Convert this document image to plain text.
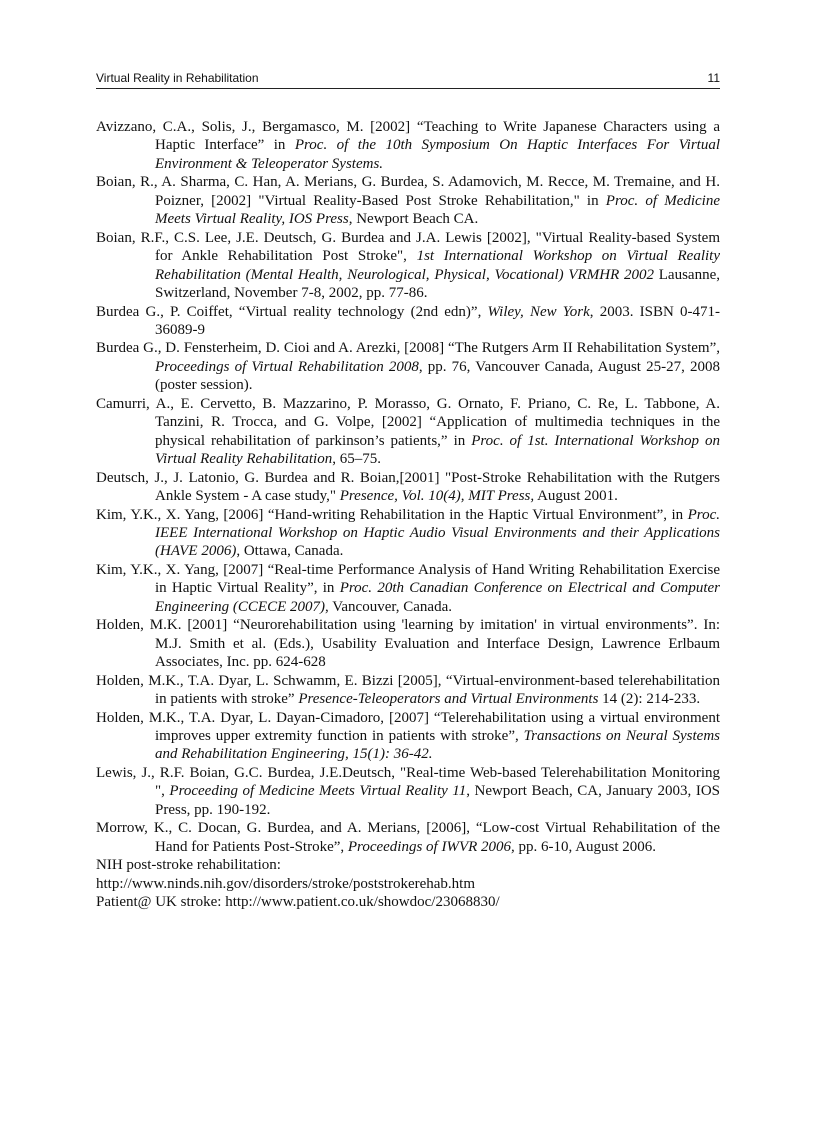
Virtual Reality in Rehabilitation	11

Avizzano, C.A., Solis, J., Bergamasco, M. [2002] “Teaching to Write Japanese Characters using a Haptic Interface” in Proc. of the 10th Symposium On Haptic Interfaces For Virtual Environment & Teleoperator Systems.

Boian, R., A. Sharma, C. Han, A. Merians, G. Burdea, S. Adamovich, M. Recce, M. Tremaine, and H. Poizner, [2002] "Virtual Reality-Based Post Stroke Rehabilitation," in Proc. of Medicine Meets Virtual Reality, IOS Press, Newport Beach CA.

Boian, R.F., C.S. Lee, J.E. Deutsch, G. Burdea and J.A. Lewis [2002], "Virtual Reality-based System for Ankle Rehabilitation Post Stroke", 1st International Workshop on Virtual Reality Rehabilitation (Mental Health, Neurological, Physical, Vocational) VRMHR 2002 Lausanne, Switzerland, November 7-8, 2002, pp. 77-86.

Burdea G., P. Coiffet, “Virtual reality technology (2nd edn)”, Wiley, New York, 2003. ISBN 0-471-36089-9

Burdea G., D. Fensterheim, D. Cioi and A. Arezki, [2008] “The Rutgers Arm II Rehabilitation System”, Proceedings of Virtual Rehabilitation 2008, pp. 76, Vancouver Canada, August 25-27, 2008 (poster session).

Camurri, A., E. Cervetto, B. Mazzarino, P. Morasso, G. Ornato, F. Priano, C. Re, L. Tabbone, A. Tanzini, R. Trocca, and G. Volpe, [2002] “Application of multimedia techniques in the physical rehabilitation of parkinson’s patients,” in Proc. of 1st. International Workshop on Virtual Reality Rehabilitation, 65–75.

Deutsch, J., J. Latonio, G. Burdea and R. Boian,[2001] "Post-Stroke Rehabilitation with the Rutgers Ankle System - A case study," Presence, Vol. 10(4), MIT Press, August 2001.

Kim, Y.K., X. Yang, [2006] “Hand-writing Rehabilitation in the Haptic Virtual Environment”, in Proc. IEEE International Workshop on Haptic Audio Visual Environments and their Applications (HAVE 2006), Ottawa, Canada.

Kim, Y.K., X. Yang, [2007] “Real-time Performance Analysis of Hand Writing Rehabilitation Exercise in Haptic Virtual Reality”, in Proc. 20th Canadian Conference on Electrical and Computer Engineering (CCECE 2007), Vancouver, Canada.

Holden, M.K. [2001] “Neurorehabilitation using 'learning by imitation' in virtual environments”. In: M.J. Smith et al. (Eds.), Usability Evaluation and Interface Design, Lawrence Erlbaum Associates, Inc. pp. 624-628

Holden, M.K., T.A. Dyar, L. Schwamm, E. Bizzi [2005], “Virtual-environment-based telerehabilitation in patients with stroke” Presence-Teleoperators and Virtual Environments 14 (2): 214-233.

Holden, M.K., T.A. Dyar, L. Dayan-Cimadoro, [2007] “Telerehabilitation using a virtual environment improves upper extremity function in patients with stroke”, Transactions on Neural Systems and Rehabilitation Engineering, 15(1): 36-42.

Lewis, J., R.F. Boian, G.C. Burdea, J.E.Deutsch, "Real-time Web-based Telerehabilitation Monitoring ", Proceeding of Medicine Meets Virtual Reality 11, Newport Beach, CA, January 2003, IOS Press, pp. 190-192.

Morrow, K., C. Docan, G. Burdea, and A. Merians, [2006], “Low-cost Virtual Rehabilitation of the Hand for Patients Post-Stroke”, Proceedings of IWVR 2006, pp. 6-10, August 2006.

NIH post-stroke rehabilitation:

http://www.ninds.nih.gov/disorders/stroke/poststrokerehab.htm

Patient@ UK stroke: http://www.patient.co.uk/showdoc/23068830/
